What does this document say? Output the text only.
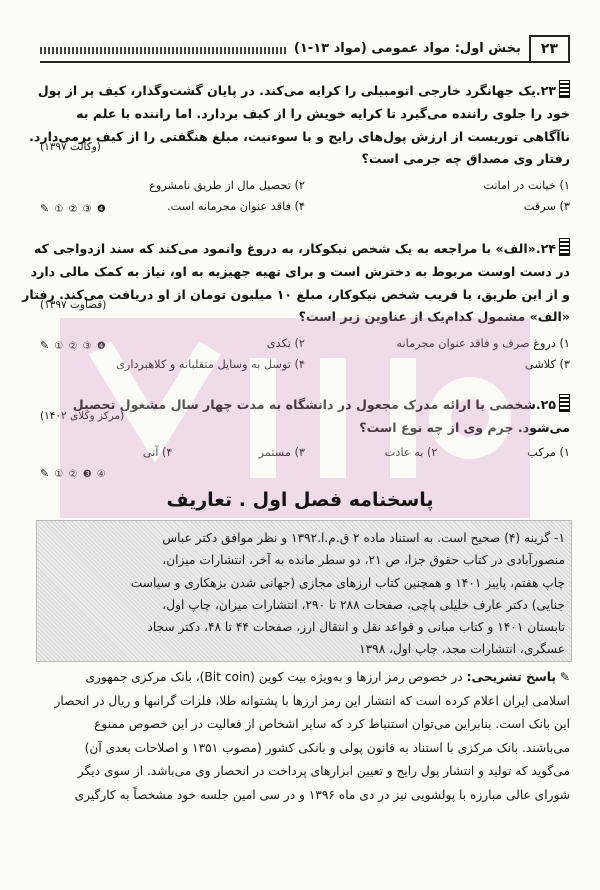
۲۳
بخش اول: مواد عمومی (مواد ۱۳-۱)
۲۳.یک جهانگرد خارجی اتومبیلی را کرایه می‌کند. در پایان گشت‌وگذار، کیف پر از پول
خود را جلوی راننده می‌گیرد تا کرایه خویش را از کیف بردارد. اما راننده با علم به
ناآگاهی توریست از ارزش پول‌های رایج و با سوءنیت، مبلغ هنگفتی را از کیف برمی‌دارد.
رفتار وی مصداق چه جرمی است؟
(وکالت ۱۳۹۷)
۱) خیانت در امانت
۲) تحصیل مال از طریق نامشروع
۳) سرقت
۴) فاقد عنوان مجرمانه است.
✎ ① ② ③ ❹
۲۴.«الف» با مراجعه به یک شخص نیکوکار، به دروغ وانمود می‌کند که سند ازدواجی که
در دست اوست مربوط به دخترش است و برای تهیه جهیزیه به او، نیاز به کمک مالی دارد
و از این طریق، با فریب شخص نیکوکار، مبلغ ۱۰ میلیون تومان از او دریافت می‌کند. رفتار
«الف» مشمول کدام‌یک از عناوین زیر است؟
(قضاوت ۱۳۹۷)
۱) دروغ صرف و فاقد عنوان مجرمانه
۲) تکدی
✎ ① ② ③ ❹
۳) کلاشی
۴) توسل به وسایل متقلبانه و کلاهبرداری
۲۵.شخصی با ارائه مدرک مجعول در دانشگاه به مدت چهار سال مشغول تحصیل
می‌شود. جرم وی از چه نوع است؟
(مرکز وکلای ۱۴۰۲)
۱) مرکب
۲) به عادت
۳) مستمر
۴) آنی
✎ ① ② ❸ ④
پاسخنامه فصل اول . تعاریف
۱- گزینه (۴) صحیح است. به استناد ماده ۲ ق.م.ا.۱۳۹۲ و نظر موافق دکتر عباس
منصورآبادی در کتاب حقوق جزا، ص ۲۱، دو سطر مانده به آخر، انتشارات میزان،
چاپ هفتم، پاییز ۱۴۰۱ و همچنین کتاب ارزهای مجازی (جهانی شدن بزهکاری و سیاست
جنایی) دکتر عارف خلیلی پاچی، صفحات ۲۸۸ تا ۲۹۰، انتشارات میزان، چاپ اول،
تابستان ۱۴۰۱ و کتاب مبانی و قواعد نقل و انتقال ارز، صفحات ۴۴ تا ۴۸، دکتر سجاد
عسگری، انتشارات مجد، چاپ اول، ۱۳۹۸
✎ پاسخ تشریحی: در خصوص رمز ارزها و به‌ویژه بیت کوین (Bit coin)، بانک مرکزی جمهوری
اسلامی ایران اعلام کرده است که انتشار این رمز ارزها با پشتوانه طلا، فلزات گرانبها و ریال در انحصار
این بانک است. بنابراین می‌توان استنباط کرد که سایر اشخاص از فعالیت در این خصوص ممنوع
می‌باشند. بانک مرکزی با استناد به قانون پولی و بانکی کشور (مصوب ۱۳۵۱ و اصلاحات بعدی آن)
می‌گوید که تولید و انتشار پول رایج و تعیین ابزارهای پرداخت در انحصار وی می‌باشد. از سوی دیگر
شورای عالی مبارزه با پولشویی نیز در دی ماه ۱۳۹۶ و در سی امین جلسه خود مشخصاً به کارگیری
